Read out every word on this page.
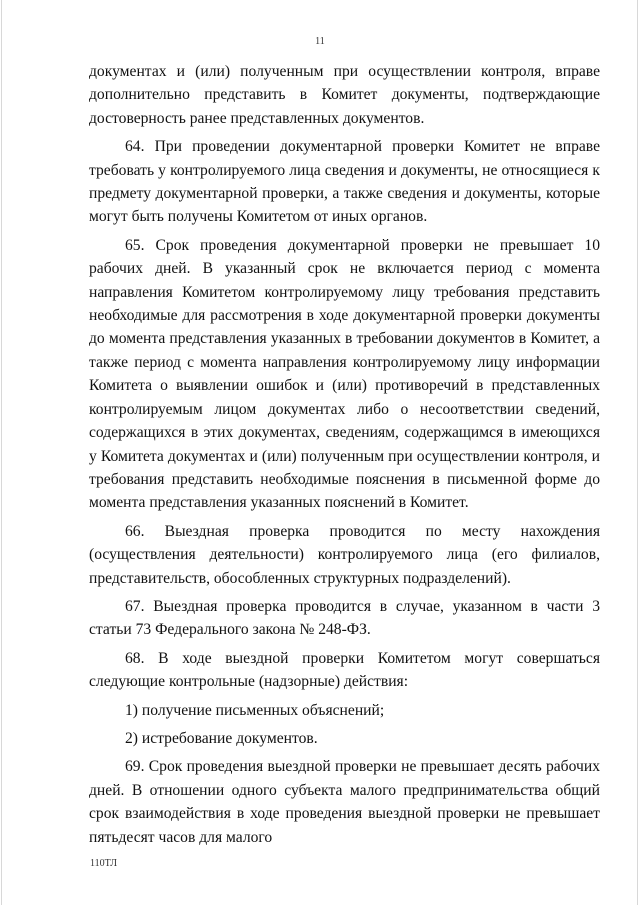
11

документах и (или) полученным при осуществлении контроля, вправе дополнительно представить в Комитет документы, подтверждающие достоверность ранее представленных документов.

64. При проведении документарной проверки Комитет не вправе требовать у контролируемого лица сведения и документы, не относящиеся к предмету документарной проверки, а также сведения и документы, которые могут быть получены Комитетом от иных органов.

65. Срок проведения документарной проверки не превышает 10 рабочих дней. В указанный срок не включается период с момента направления Комитетом контролируемому лицу требования представить необходимые для рассмотрения в ходе документарной проверки документы до момента представления указанных в требовании документов в Комитет, а также период с момента направления контролируемому лицу информации Комитета о выявлении ошибок и (или) противоречий в представленных контролируемым лицом документах либо о несоответствии сведений, содержащихся в этих документах, сведениям, содержащимся в имеющихся у Комитета документах и (или) полученным при осуществлении контроля, и требования представить необходимые пояснения в письменной форме до момента представления указанных пояснений в Комитет.

66. Выездная проверка проводится по месту нахождения (осуществления деятельности) контролируемого лица (его филиалов, представительств, обособленных структурных подразделений).

67. Выездная проверка проводится в случае, указанном в части 3 статьи 73 Федерального закона № 248-ФЗ.

68. В ходе выездной проверки Комитетом могут совершаться следующие контрольные (надзорные) действия:

1) получение письменных объяснений;

2) истребование документов.

69. Срок проведения выездной проверки не превышает десять рабочих дней. В отношении одного субъекта малого предпринимательства общий срок взаимодействия в ходе проведения выездной проверки не превышает пятьдесят часов для малого

110ТЛ
